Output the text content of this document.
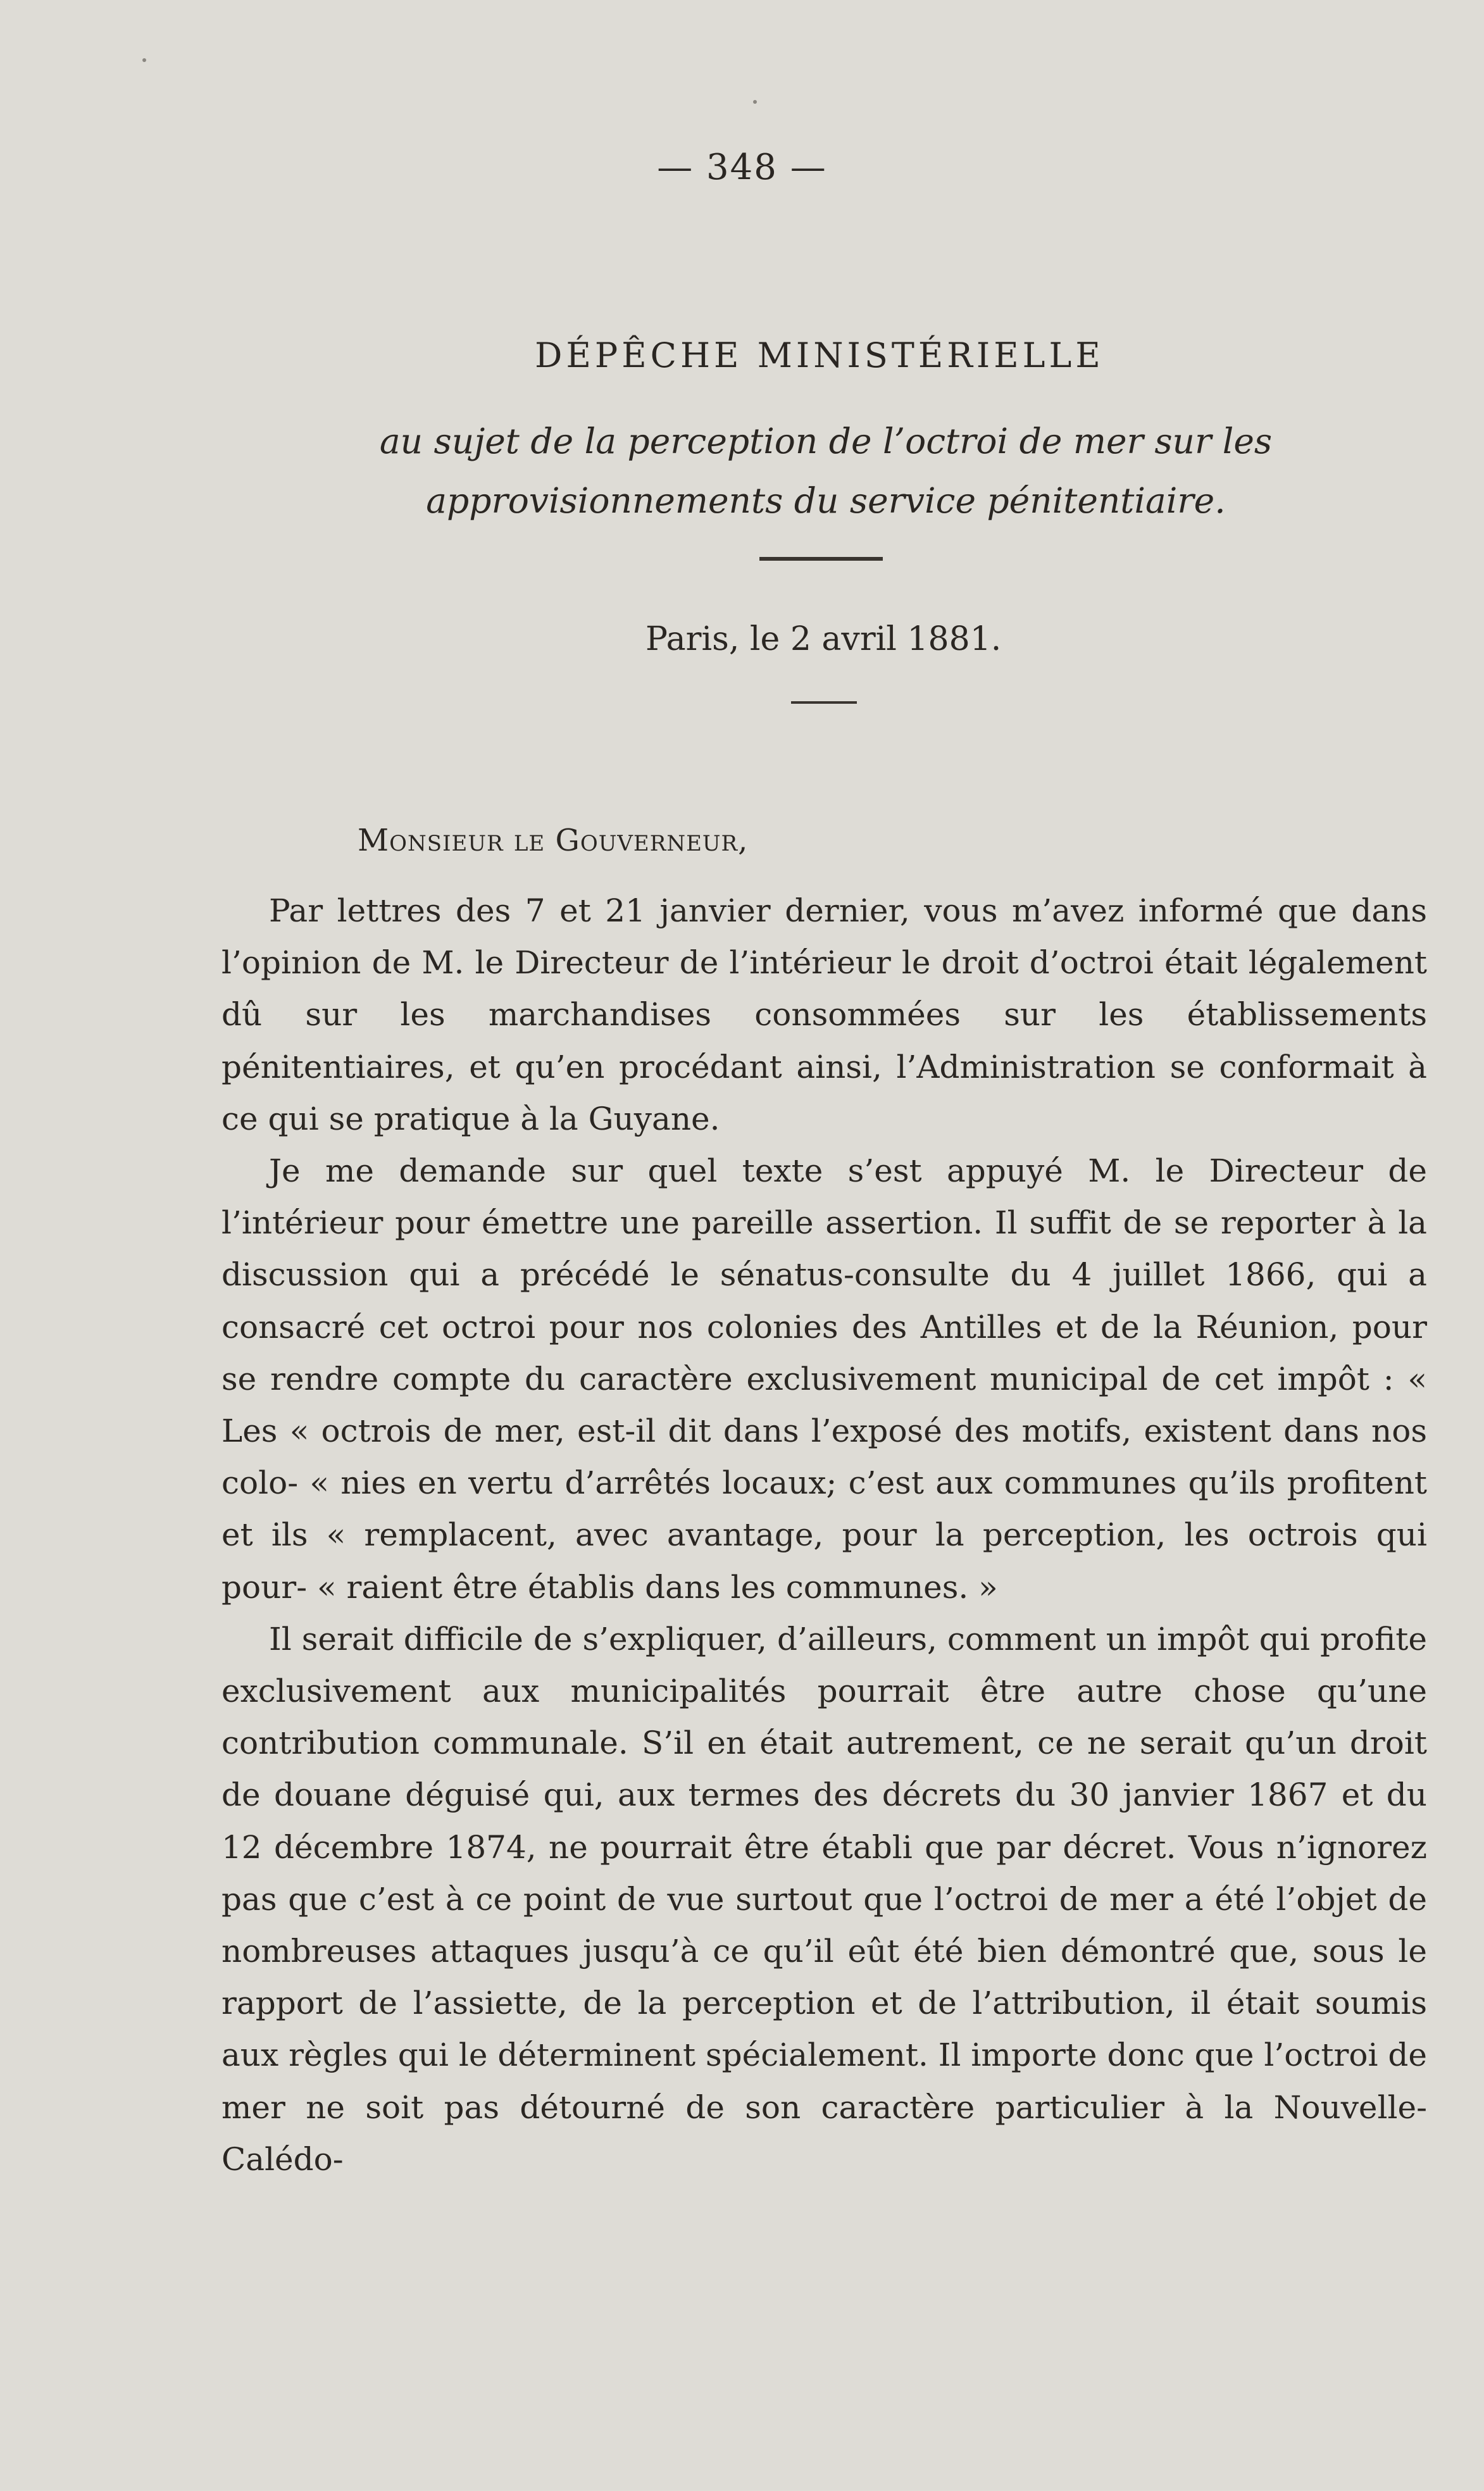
— 348 —
DÉPÊCHE MINISTÉRIELLE
au sujet de la perception de l’octroi de mer sur les approvisionnements du service pénitentiaire.
Paris, le 2 avril 1881.
Monsieur le Gouverneur,

Par lettres des 7 et 21 janvier dernier, vous m’avez informé que dans l’opinion de M. le Directeur de l’intérieur le droit d’octroi était légalement dû sur les marchandises consommées sur les établissements pénitentiaires, et qu’en procédant ainsi, l’Administration se conformait à ce qui se pratique à la Guyane.

Je me demande sur quel texte s’est appuyé M. le Directeur de l’intérieur pour émettre une pareille assertion. Il suffit de se reporter à la discussion qui a précédé le sénatus-consulte du 4 juillet 1866, qui a consacré cet octroi pour nos colonies des Antilles et de la Réunion, pour se rendre compte du caractère exclusivement municipal de cet impôt : « Les « octrois de mer, est-il dit dans l’exposé des motifs, existent dans nos colo- « nies en vertu d’arrêtés locaux; c’est aux communes qu’ils profitent et ils « remplacent, avec avantage, pour la perception, les octrois qui pour- « raient être établis dans les communes. »

Il serait difficile de s’expliquer, d’ailleurs, comment un impôt qui profite exclusivement aux municipalités pourrait être autre chose qu’une contribution communale. S’il en était autrement, ce ne serait qu’un droit de douane déguisé qui, aux termes des décrets du 30 janvier 1867 et du 12 décembre 1874, ne pourrait être établi que par décret. Vous n’ignorez pas que c’est à ce point de vue surtout que l’octroi de mer a été l’objet de nombreuses attaques jusqu’à ce qu’il eût été bien démontré que, sous le rapport de l’assiette, de la perception et de l’attribution, il était soumis aux règles qui le déterminent spécialement. Il importe donc que l’octroi de mer ne soit pas détourné de son caractère particulier à la Nouvelle-Calédo-
